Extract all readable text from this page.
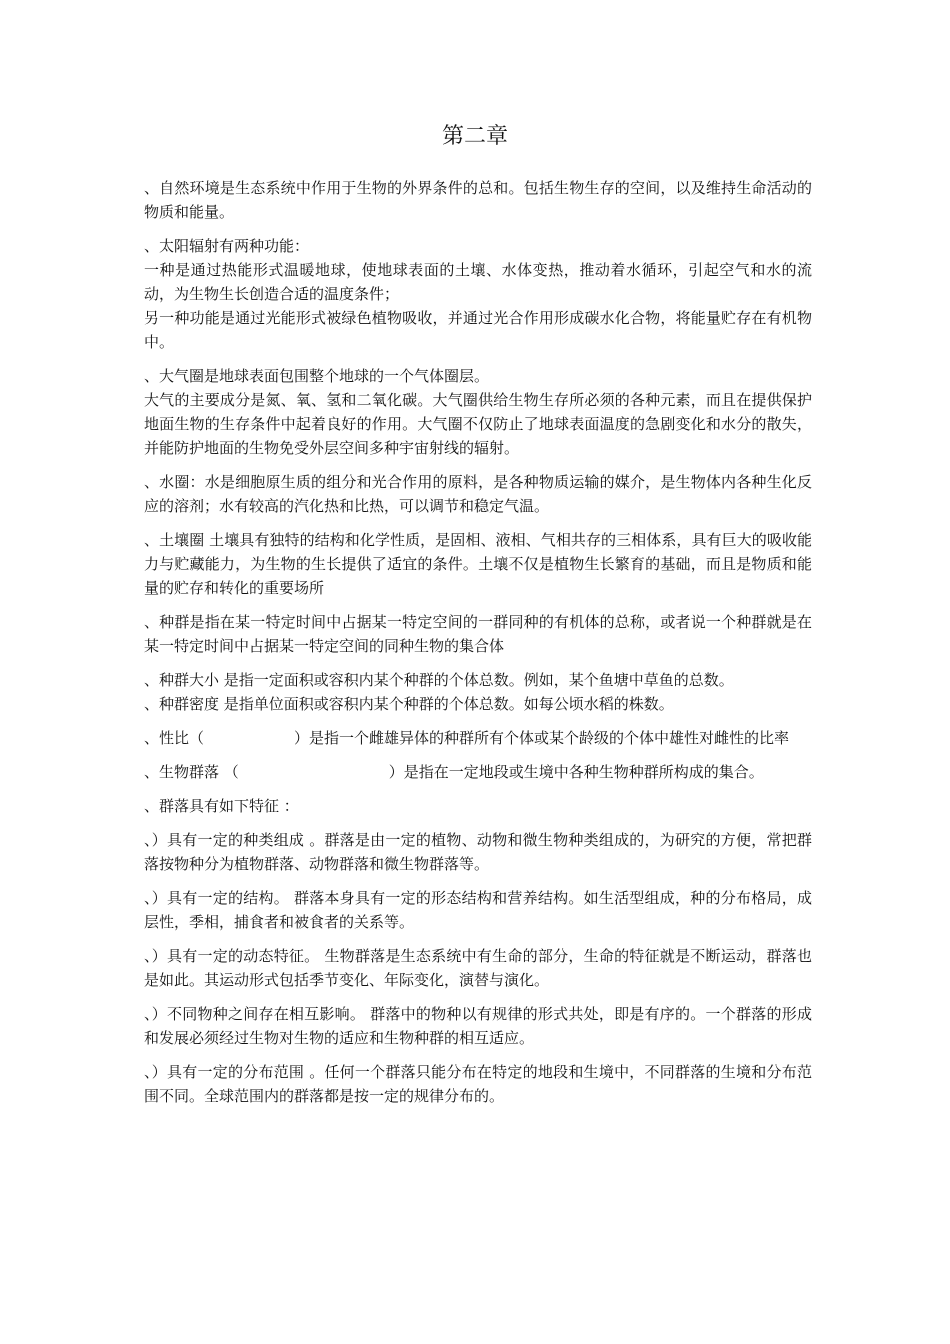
第二章
、自然环境是生态系统中作用于生物的外界条件的总和。包括生物生存的空间，以及维持生命活动的物质和能量。
、太阳辐射有两种功能：
一种是通过热能形式温暖地球，使地球表面的土壤、水体变热，推动着水循环，引起空气和水的流动，为生物生长创造合适的温度条件；
另一种功能是通过光能形式被绿色植物吸收，并通过光合作用形成碳水化合物，将能量贮存在有机物中。
、大气圈是地球表面包围整个地球的一个气体圈层。
大气的主要成分是氮、氧、氢和二氧化碳。大气圈供给生物生存所必须的各种元素，而且在提供保护地面生物的生存条件中起着良好的作用。大气圈不仅防止了地球表面温度的急剧变化和水分的散失，并能防护地面的生物免受外层空间多种宇宙射线的辐射。
、水圈：水是细胞原生质的组分和光合作用的原料，是各种物质运输的媒介，是生物体内各种生化反应的溶剂；水有较高的汽化热和比热，可以调节和稳定气温。
、土壤圈 土壤具有独特的结构和化学性质，是固相、液相、气相共存的三相体系，具有巨大的吸收能力与贮藏能力，为生物的生长提供了适宜的条件。土壤不仅是植物生长繁育的基础，而且是物质和能量的贮存和转化的重要场所
、种群是指在某一特定时间中占据某一特定空间的一群同种的有机体的总称，或者说一个种群就是在某一特定时间中占据某一特定空间的同种生物的集合体
、种群大小 是指一定面积或容积内某个种群的个体总数。例如，某个鱼塘中草鱼的总数。
、种群密度 是指单位面积或容积内某个种群的个体总数。如每公顷水稻的株数。
、性比（　　　　　　）是指一个雌雄异体的种群所有个体或某个龄级的个体中雄性对雌性的比率
、生物群落 （　　　　　　　　　　）是指在一定地段或生境中各种生物种群所构成的集合。
、群落具有如下特征 ：
、）具有一定的种类组成 。群落是由一定的植物、动物和微生物种类组成的，为研究的方便，常把群落按物种分为植物群落、动物群落和微生物群落等。
、）具有一定的结构。 群落本身具有一定的形态结构和营养结构。如生活型组成，种的分布格局，成层性，季相，捕食者和被食者的关系等。
、）具有一定的动态特征。 生物群落是生态系统中有生命的部分，生命的特征就是不断运动，群落也是如此。其运动形式包括季节变化、年际变化，演替与演化。
、）不同物种之间存在相互影响。 群落中的物种以有规律的形式共处，即是有序的。一个群落的形成和发展必须经过生物对生物的适应和生物种群的相互适应。
、）具有一定的分布范围 。任何一个群落只能分布在特定的地段和生境中，不同群落的生境和分布范围不同。全球范围内的群落都是按一定的规律分布的。
